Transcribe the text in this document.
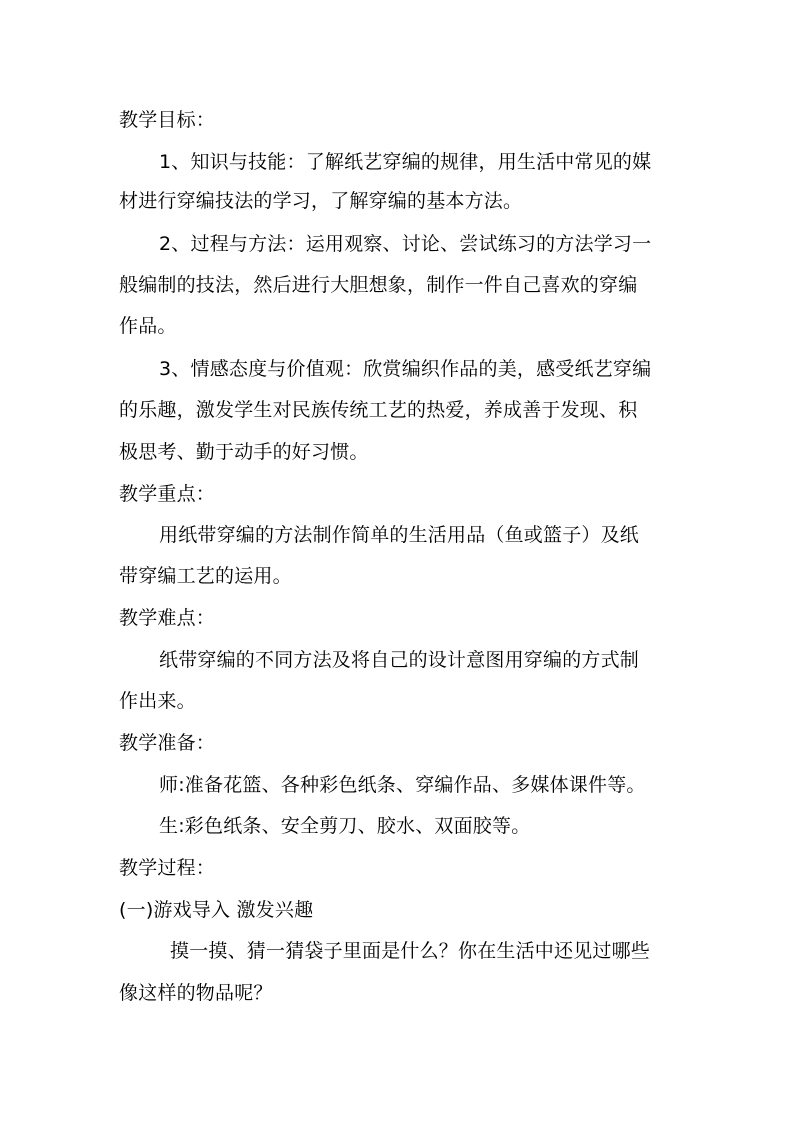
教学目标：
1、知识与技能：了解纸艺穿编的规律，用生活中常见的媒
材进行穿编技法的学习，了解穿编的基本方法。
2、过程与方法：运用观察、讨论、尝试练习的方法学习一
般编制的技法，然后进行大胆想象，制作一件自己喜欢的穿编
作品。
3、情感态度与价值观：欣赏编织作品的美，感受纸艺穿编
的乐趣，激发学生对民族传统工艺的热爱，养成善于发现、积
极思考、勤于动手的好习惯。
教学重点：
用纸带穿编的方法制作简单的生活用品（鱼或篮子）及纸
带穿编工艺的运用。
教学难点：
纸带穿编的不同方法及将自己的设计意图用穿编的方式制
作出来。
教学准备：
师:准备花篮、各种彩色纸条、穿编作品、多媒体课件等。
生:彩色纸条、安全剪刀、胶水、双面胶等。
教学过程：
(一)游戏导入 激发兴趣
摸一摸、猜一猜袋子里面是什么？你在生活中还见过哪些
像这样的物品呢？
